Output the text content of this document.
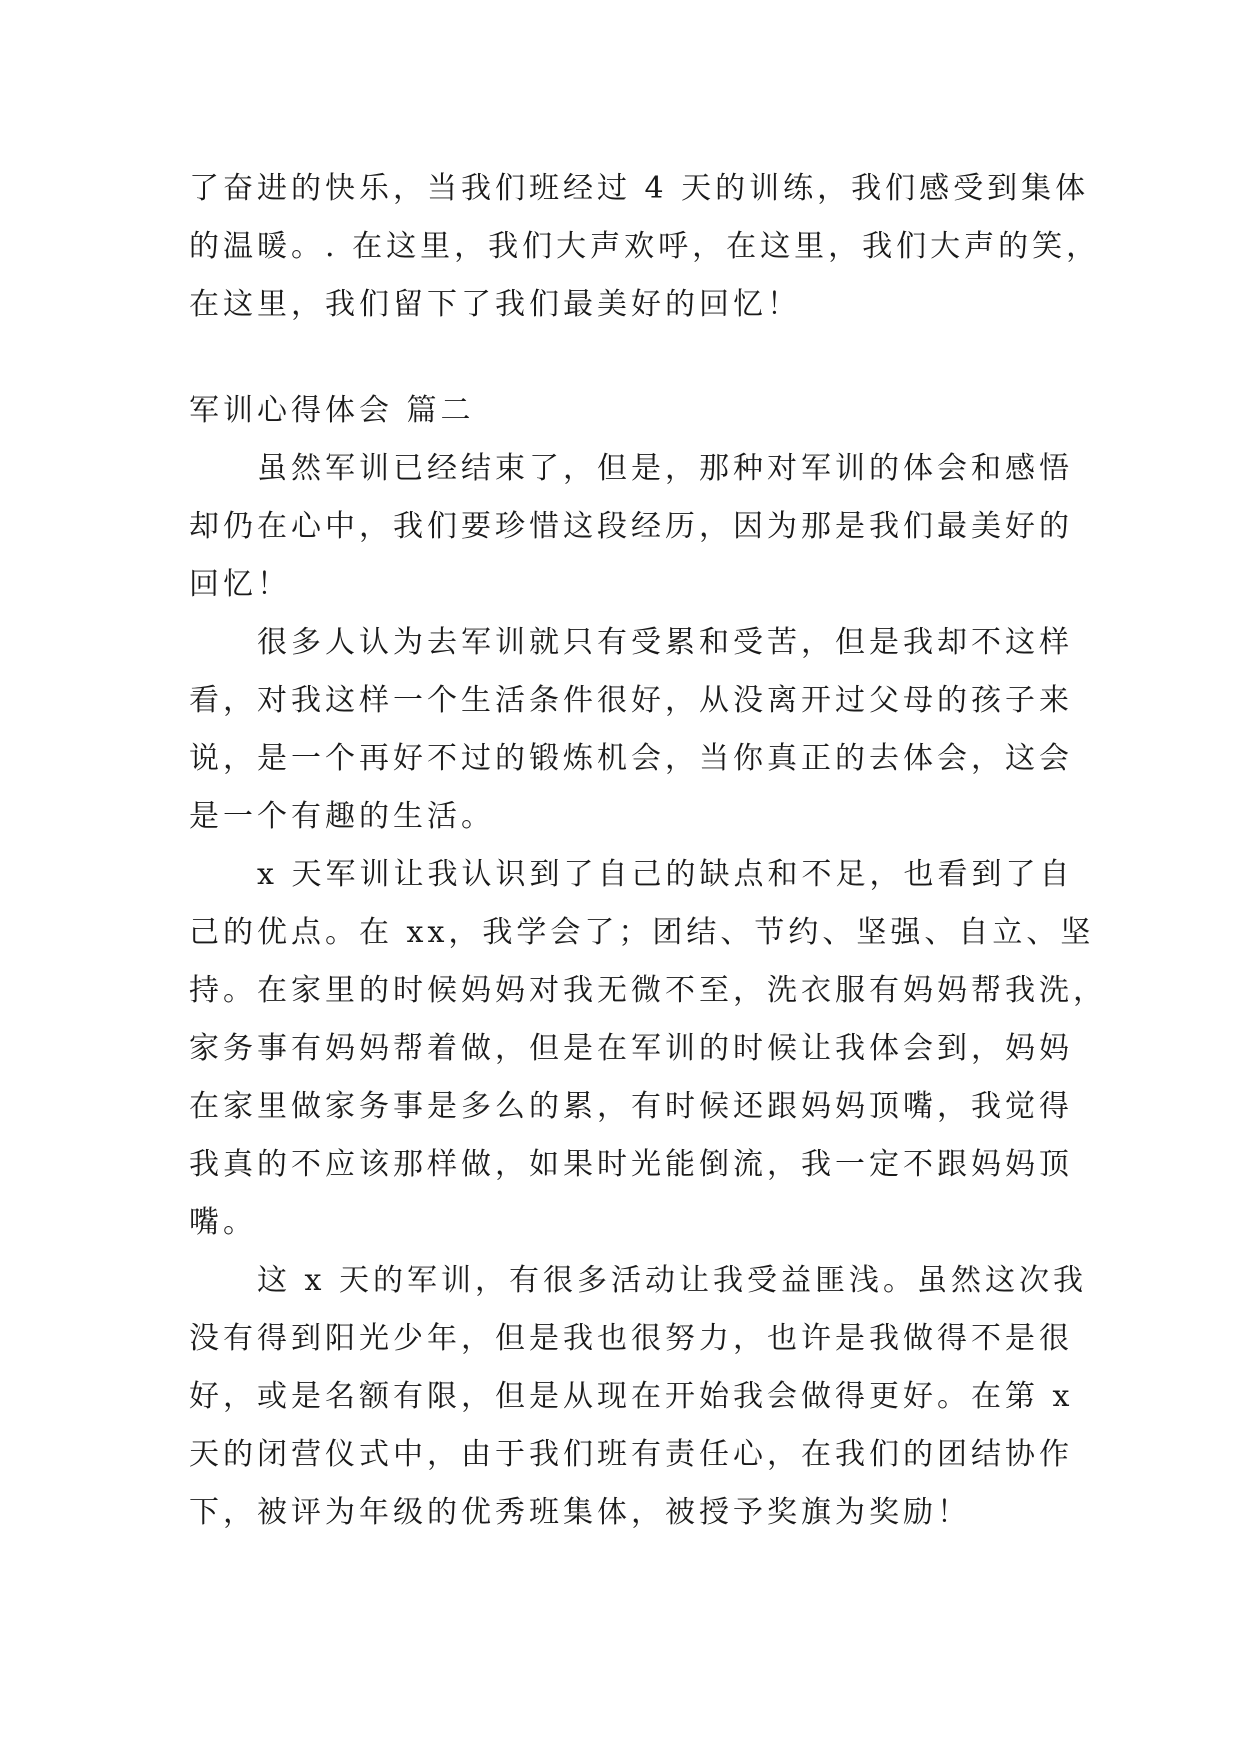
了奋进的快乐，当我们班经过 4 天的训练，我们感受到集体
的温暖。. 在这里，我们大声欢呼，在这里，我们大声的笑，
在这里，我们留下了我们最美好的回忆！
军训心得体会 篇二
虽然军训已经结束了，但是，那种对军训的体会和感悟
却仍在心中，我们要珍惜这段经历，因为那是我们最美好的
回忆！
很多人认为去军训就只有受累和受苦，但是我却不这样
看，对我这样一个生活条件很好，从没离开过父母的孩子来
说，是一个再好不过的锻炼机会，当你真正的去体会，这会
是一个有趣的生活。
x 天军训让我认识到了自己的缺点和不足，也看到了自
己的优点。在 xx，我学会了；团结、节约、坚强、自立、坚
持。在家里的时候妈妈对我无微不至，洗衣服有妈妈帮我洗，
家务事有妈妈帮着做，但是在军训的时候让我体会到，妈妈
在家里做家务事是多么的累，有时候还跟妈妈顶嘴，我觉得
我真的不应该那样做，如果时光能倒流，我一定不跟妈妈顶
嘴。
这 x 天的军训，有很多活动让我受益匪浅。虽然这次我
没有得到阳光少年，但是我也很努力，也许是我做得不是很
好，或是名额有限，但是从现在开始我会做得更好。在第 x
天的闭营仪式中，由于我们班有责任心，在我们的团结协作
下，被评为年级的优秀班集体，被授予奖旗为奖励！
